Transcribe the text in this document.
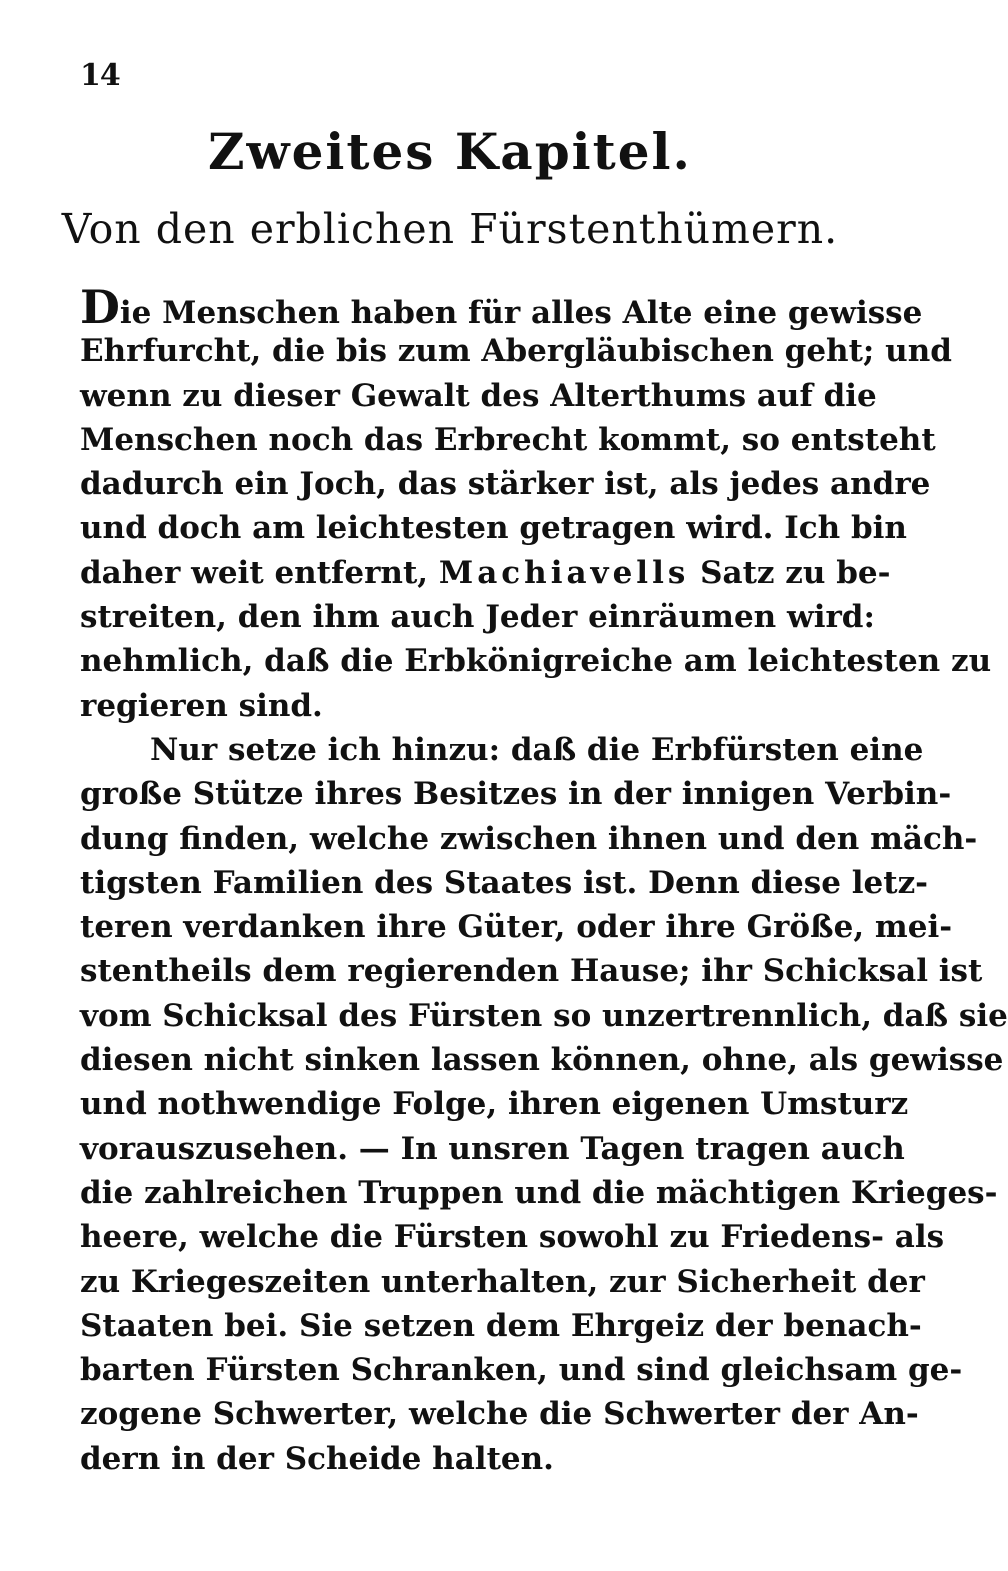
14
Zweites Kapitel.
Von den erblichen Fürstenthümern.
Die Menschen haben für alles Alte eine gewisse
Ehrfurcht, die bis zum Abergläubischen geht; und
wenn zu dieser Gewalt des Alterthums auf die
Menschen noch das Erbrecht kommt, so entsteht
dadurch ein Joch, das stärker ist, als jedes andre
und doch am leichtesten getragen wird. Ich bin
daher weit entfernt, Machiavells Satz zu be-
streiten, den ihm auch Jeder einräumen wird:
nehmlich, daß die Erbkönigreiche am leichtesten zu
regieren sind.
Nur setze ich hinzu: daß die Erbfürsten eine
große Stütze ihres Besitzes in der innigen Verbin-
dung finden, welche zwischen ihnen und den mäch-
tigsten Familien des Staates ist. Denn diese letz-
teren verdanken ihre Güter, oder ihre Größe, mei-
stentheils dem regierenden Hause; ihr Schicksal ist
vom Schicksal des Fürsten so unzertrennlich, daß sie
diesen nicht sinken lassen können, ohne, als gewisse
und nothwendige Folge, ihren eigenen Umsturz
vorauszusehen. — In unsren Tagen tragen auch
die zahlreichen Truppen und die mächtigen Krieges-
heere, welche die Fürsten sowohl zu Friedens- als
zu Kriegeszeiten unterhalten, zur Sicherheit der
Staaten bei. Sie setzen dem Ehrgeiz der benach-
barten Fürsten Schranken, und sind gleichsam ge-
zogene Schwerter, welche die Schwerter der An-
dern in der Scheide halten.
